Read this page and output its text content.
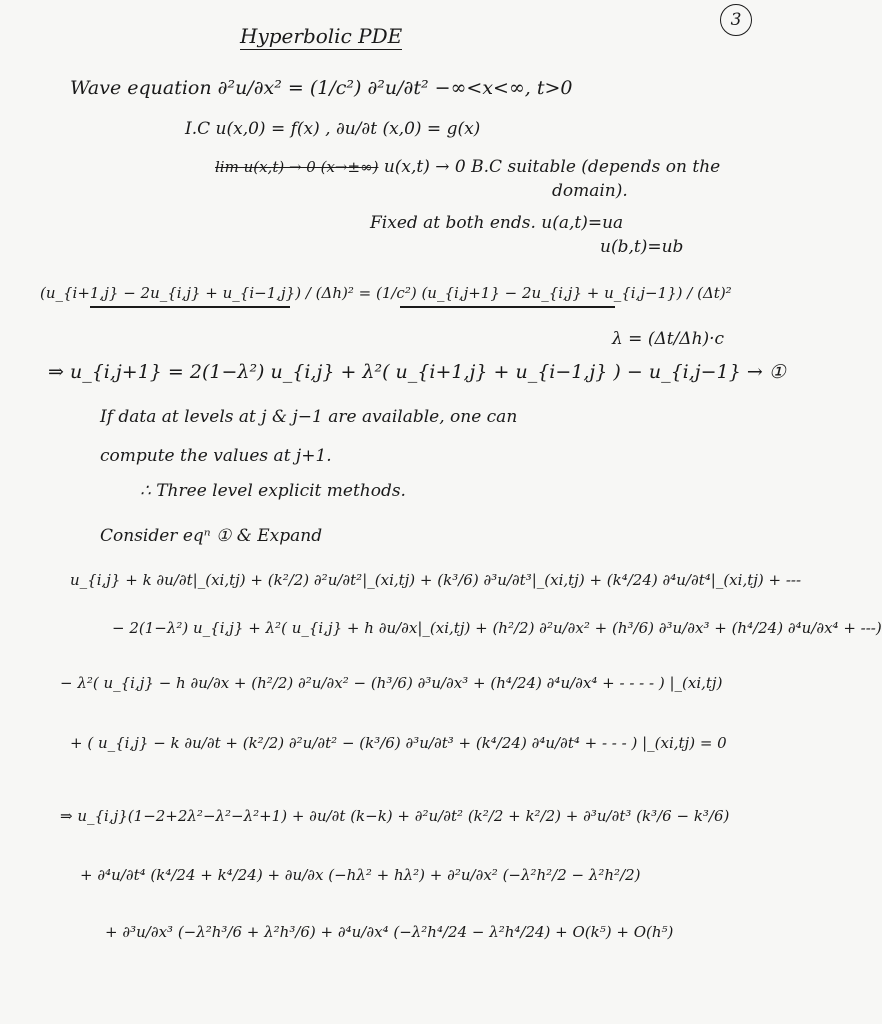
3
Hyperbolic PDE
Wave equation ∂²u/∂x² = (1/c²) ∂²u/∂t² −∞<x<∞, t>0
I.C u(x,0) = f(x) , ∂u/∂t (x,0) = g(x)
lim u(x,t) → 0 (x→±∞) u(x,t) → 0 B.C suitable (depends on the
domain).
Fixed at both ends. u(a,t)=ua
u(b,t)=ub
(u_{i+1,j} − 2u_{i,j} + u_{i−1,j}) / (Δh)² = (1/c²) (u_{i,j+1} − 2u_{i,j} + u_{i,j−1}) / (Δt)²
λ = (Δt/Δh)·c
⇒ u_{i,j+1} = 2(1−λ²) u_{i,j} + λ²( u_{i+1,j} + u_{i−1,j} ) − u_{i,j−1} → ①
If data at levels at j & j−1 are available, one can
compute the values at j+1.
∴ Three level explicit methods.
Consider eqⁿ ① & Expand
u_{i,j} + k ∂u/∂t|_(xi,tj) + (k²/2) ∂²u/∂t²|_(xi,tj) + (k³/6) ∂³u/∂t³|_(xi,tj) + (k⁴/24) ∂⁴u/∂t⁴|_(xi,tj) + ---
− 2(1−λ²) u_{i,j} + λ²( u_{i,j} + h ∂u/∂x|_(xi,tj) + (h²/2) ∂²u/∂x² + (h³/6) ∂³u/∂x³ + (h⁴/24) ∂⁴u/∂x⁴ + ---)
− λ²( u_{i,j} − h ∂u/∂x + (h²/2) ∂²u/∂x² − (h³/6) ∂³u/∂x³ + (h⁴/24) ∂⁴u/∂x⁴ + - - - - ) |_(xi,tj)
+ ( u_{i,j} − k ∂u/∂t + (k²/2) ∂²u/∂t² − (k³/6) ∂³u/∂t³ + (k⁴/24) ∂⁴u/∂t⁴ + - - - ) |_(xi,tj) = 0
⇒ u_{i,j}(1−2+2λ²−λ²−λ²+1) + ∂u/∂t (k−k) + ∂²u/∂t² (k²/2 + k²/2) + ∂³u/∂t³ (k³/6 − k³/6)
+ ∂⁴u/∂t⁴ (k⁴/24 + k⁴/24) + ∂u/∂x (−hλ² + hλ²) + ∂²u/∂x² (−λ²h²/2 − λ²h²/2)
+ ∂³u/∂x³ (−λ²h³/6 + λ²h³/6) + ∂⁴u/∂x⁴ (−λ²h⁴/24 − λ²h⁴/24) + O(k⁵) + O(h⁵)
